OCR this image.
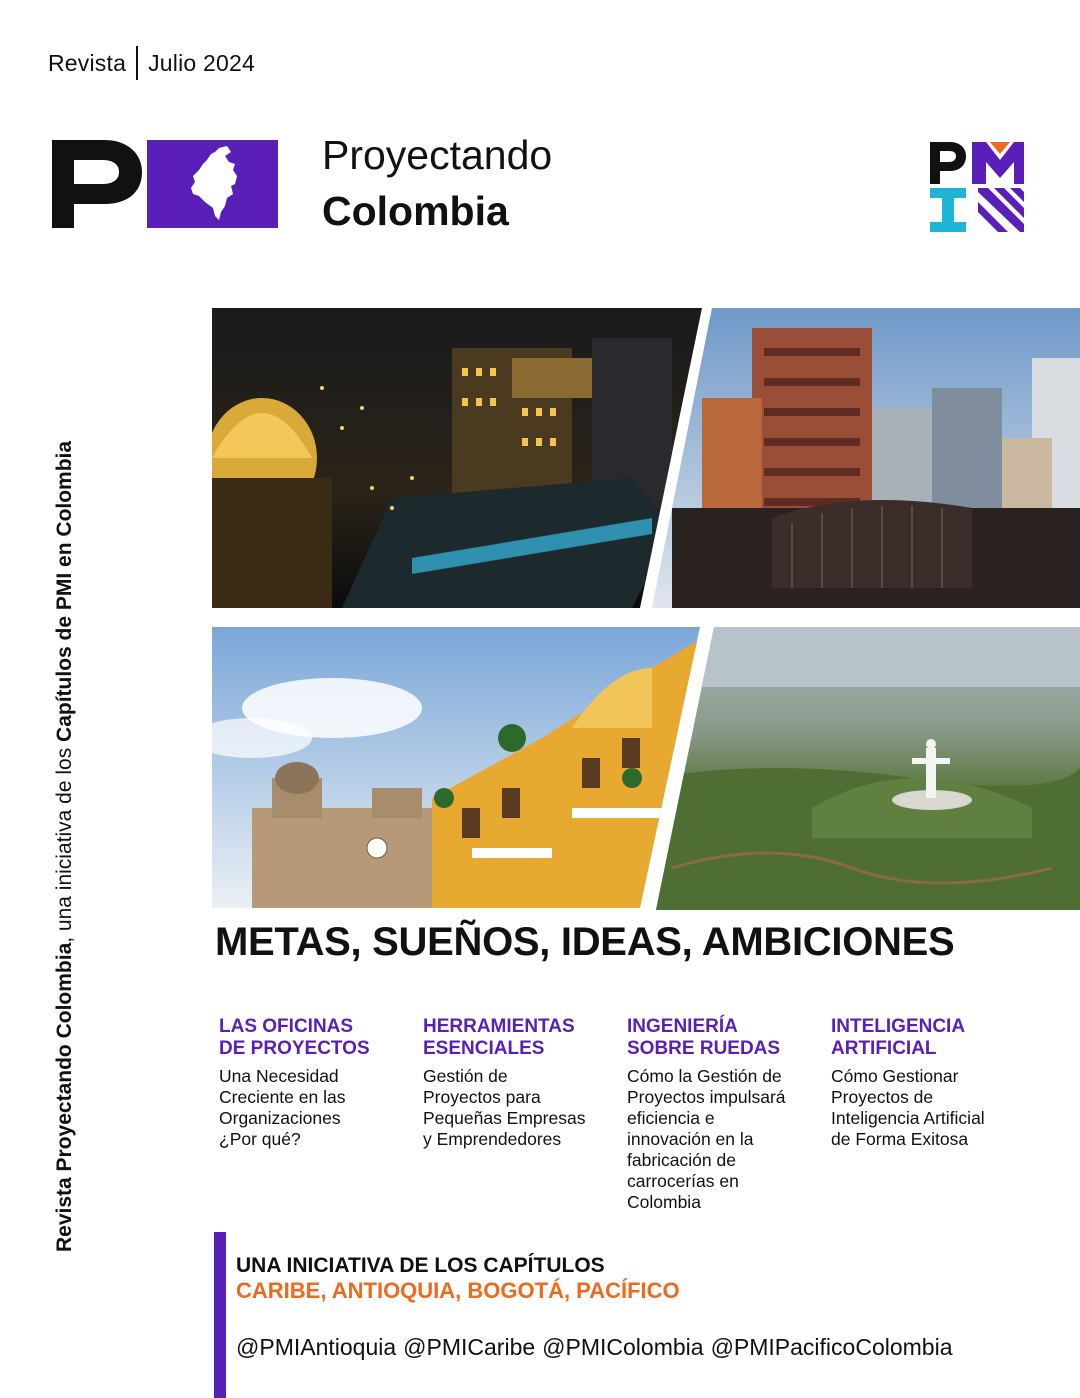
Revista Julio 2024
Proyectando
Colombia
Revista Proyectando Colombia, una iniciativa de los Capítulos de PMI en Colombia
METAS, SUEÑOS, IDEAS, AMBICIONES
LAS OFICINAS
DE PROYECTOS
Una Necesidad
Creciente en las
Organizaciones
¿Por qué?
HERRAMIENTAS
ESENCIALES
Gestión de
Proyectos para
Pequeñas Empresas
y Emprendedores
INGENIERÍA
SOBRE RUEDAS
Cómo la Gestión de
Proyectos impulsará
eficiencia e
innovación en la
fabricación de
carrocerías en
Colombia
INTELIGENCIA
ARTIFICIAL
Cómo Gestionar
Proyectos de
Inteligencia Artificial
de Forma Exitosa
UNA INICIATIVA DE LOS CAPÍTULOS
CARIBE, ANTIOQUIA, BOGOTÁ, PACÍFICO
@PMIAntioquia @PMICaribe @PMIColombia @PMIPacificoColombia
